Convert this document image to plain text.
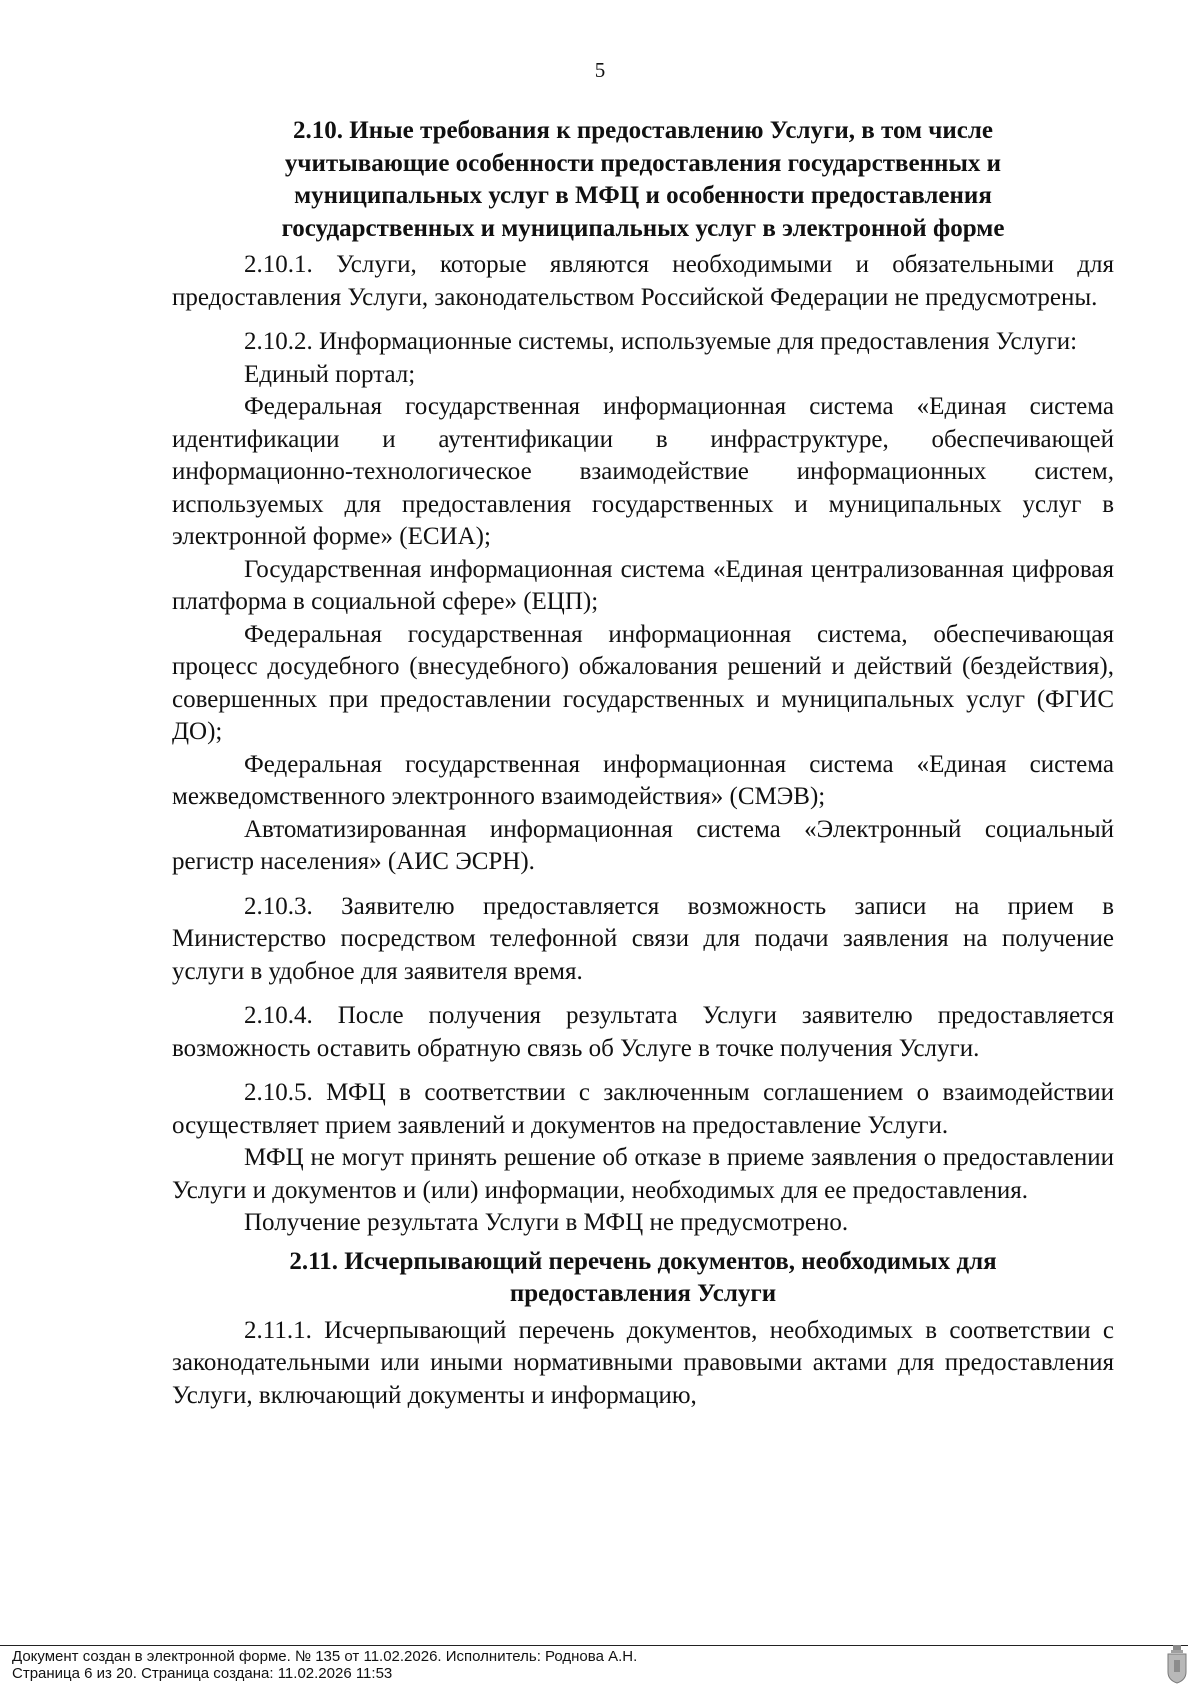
5
2.10. Иные требования к предоставлению Услуги, в том числе
учитывающие особенности предоставления государственных и
муниципальных услуг в МФЦ и особенности предоставления
государственных и муниципальных услуг в электронной форме

2.10.1. Услуги, которые являются необходимыми и обязательными для предоставления Услуги, законодательством Российской Федерации не предусмотрены.

2.10.2. Информационные системы, используемые для предоставления Услуги:

Единый портал;

Федеральная государственная информационная система «Единая система идентификации и аутентификации в инфраструктуре, обеспечивающей информационно-технологическое взаимодействие информационных систем, используемых для предоставления государственных и муниципальных услуг в электронной форме» (ЕСИА);

Государственная информационная система «Единая централизованная цифровая платформа в социальной сфере» (ЕЦП);

Федеральная государственная информационная система, обеспечивающая процесс досудебного (внесудебного) обжалования решений и действий (бездействия), совершенных при предоставлении государственных и муниципальных услуг (ФГИС ДО);

Федеральная государственная информационная система «Единая система межведомственного электронного взаимодействия» (СМЭВ);

Автоматизированная информационная система «Электронный социальный регистр населения» (АИС ЭСРН).

2.10.3. Заявителю предоставляется возможность записи на прием в Министерство посредством телефонной связи для подачи заявления на получение услуги в удобное для заявителя время.

2.10.4. После получения результата Услуги заявителю предоставляется возможность оставить обратную связь об Услуге в точке получения Услуги.

2.10.5. МФЦ в соответствии с заключенным соглашением о взаимодействии осуществляет прием заявлений и документов на предоставление Услуги.

МФЦ не могут принять решение об отказе в приеме заявления о предоставлении Услуги и документов и (или) информации, необходимых для ее предоставления.

Получение результата Услуги в МФЦ не предусмотрено.

2.11. Исчерпывающий перечень документов, необходимых для
предоставления Услуги

2.11.1. Исчерпывающий перечень документов, необходимых в соответствии с законодательными или иными нормативными правовыми актами для предоставления Услуги, включающий документы и информацию,

Документ создан в электронной форме. № 135 от 11.02.2026. Исполнитель: Роднова А.Н.
Страница 6 из 20. Страница создана: 11.02.2026 11:53
